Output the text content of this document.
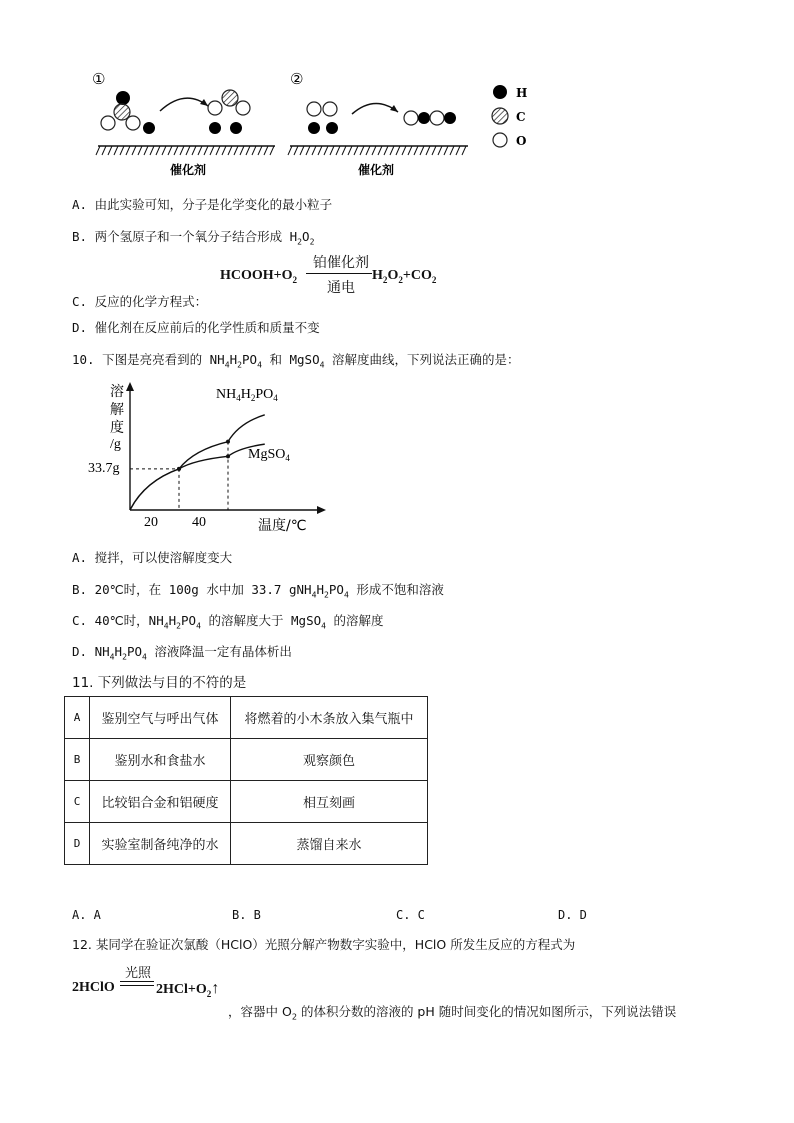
①
催化剂
②
催化剂
H
C
O
A. 由此实验可知，分子是化学变化的最小粒子
B. 两个氢原子和一个氧分子结合形成 $H_2O_2$
$HCOOH+O_2$
铂催化剂
通电
$H_2O_2+CO_2$
C. 反应的化学方程式：
D. 催化剂在反应前后的化学性质和质量不变
10. 下图是亮亮看到的 $NH_4H_2PO_4$ 和 MgSO$_4$ 溶解度曲线，下列说法正确的是：
溶
解
度
/g
33.7g
20 40	温度/℃
$NH_4H_2PO_4$
MgSO$_4$
A. 搅拌，可以使溶解度变大
B. 20℃时，在 100g 水中加 33.7 $gNH_4H_2PO_4$ 形成不饱和溶液
C. 40℃时，$NH_4H_2PO_4$ 的溶解度大于 MgSO$_4$ 的溶解度
D. $NH_4H_2PO_4$ 溶液降温一定有晶体析出
11. 下列做法与目的不符的是
A	鉴别空气与呼出气体	将燃着的小木条放入集气瓶中
B	鉴别水和食盐水	观察颜色
C	比较铝合金和铝硬度	相互刻画
D	实验室制备纯净的水	蒸馏自来水
A. A	B. B	C. C	D. D
12. 某同学在验证次氯酸（HClO）光照分解产物数字实验中，HClO 所发生反应的方程式为
2HClO
光照
$2HCl+O_2↑$
，容器中 $O_2$ 的体积分数的溶液的 pH 随时间变化的情况如图所示，下列说法错误
